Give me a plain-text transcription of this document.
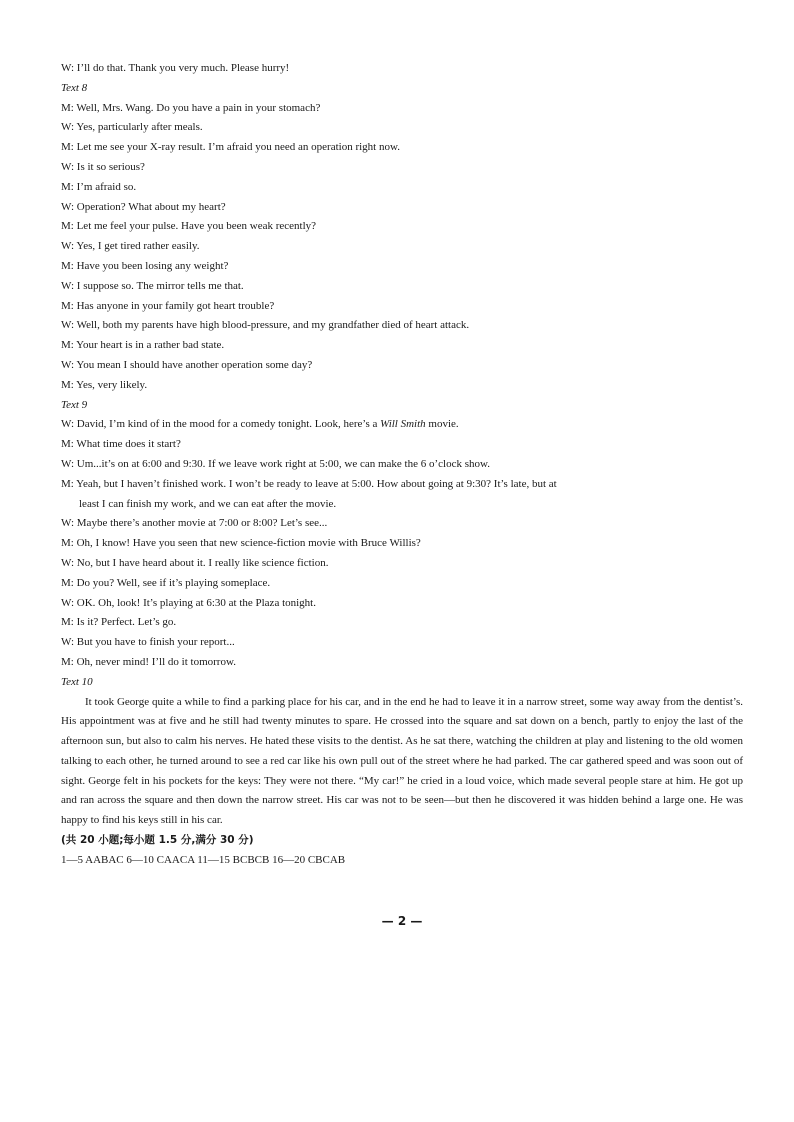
W: I’ll do that. Thank you very much. Please hurry!
Text 8
M: Well, Mrs. Wang. Do you have a pain in your stomach?
W: Yes, particularly after meals.
M: Let me see your X-ray result. I’m afraid you need an operation right now.
W: Is it so serious?
M: I’m afraid so.
W: Operation? What about my heart?
M: Let me feel your pulse. Have you been weak recently?
W: Yes, I get tired rather easily.
M: Have you been losing any weight?
W: I suppose so. The mirror tells me that.
M: Has anyone in your family got heart trouble?
W: Well, both my parents have high blood-pressure, and my grandfather died of heart attack.
M: Your heart is in a rather bad state.
W: You mean I should have another operation some day?
M: Yes, very likely.
Text 9
W: David, I’m kind of in the mood for a comedy tonight. Look, here’s a Will Smith movie.
M: What time does it start?
W: Um...it’s on at 6:00 and 9:30. If we leave work right at 5:00, we can make the 6 o’clock show.
M: Yeah, but I haven’t finished work. I won’t be ready to leave at 5:00. How about going at 9:30? It’s late, but at
least I can finish my work, and we can eat after the movie.
W: Maybe there’s another movie at 7:00 or 8:00? Let’s see...
M: Oh, I know! Have you seen that new science-fiction movie with Bruce Willis?
W: No, but I have heard about it. I really like science fiction.
M: Do you? Well, see if it’s playing someplace.
W: OK. Oh, look! It’s playing at 6:30 at the Plaza tonight.
M: Is it? Perfect. Let’s go.
W: But you have to finish your report...
M: Oh, never mind! I’ll do it tomorrow.
Text 10
It took George quite a while to find a parking place for his car, and in the end he had to leave it in a narrow street, some way away from the dentist’s. His appointment was at five and he still had twenty minutes to spare. He crossed into the square and sat down on a bench, partly to enjoy the last of the afternoon sun, but also to calm his nerves. He hated these visits to the dentist. As he sat there, watching the children at play and listening to the old women talking to each other, he turned around to see a red car like his own pull out of the street where he had parked. The car gathered speed and was soon out of sight. George felt in his pockets for the keys: They were not there. “My car!” he cried in a loud voice, which made several people stare at him. He got up and ran across the square and then down the narrow street. His car was not to be seen—but then he discovered it was hidden behind a large one. He was happy to find his keys still in his car.
(共 20 小题;每小题 1.5 分,满分 30 分)
1—5 AABAC 6—10 CAACA 11—15 BCBCB 16—20 CBCAB
— 2 —
